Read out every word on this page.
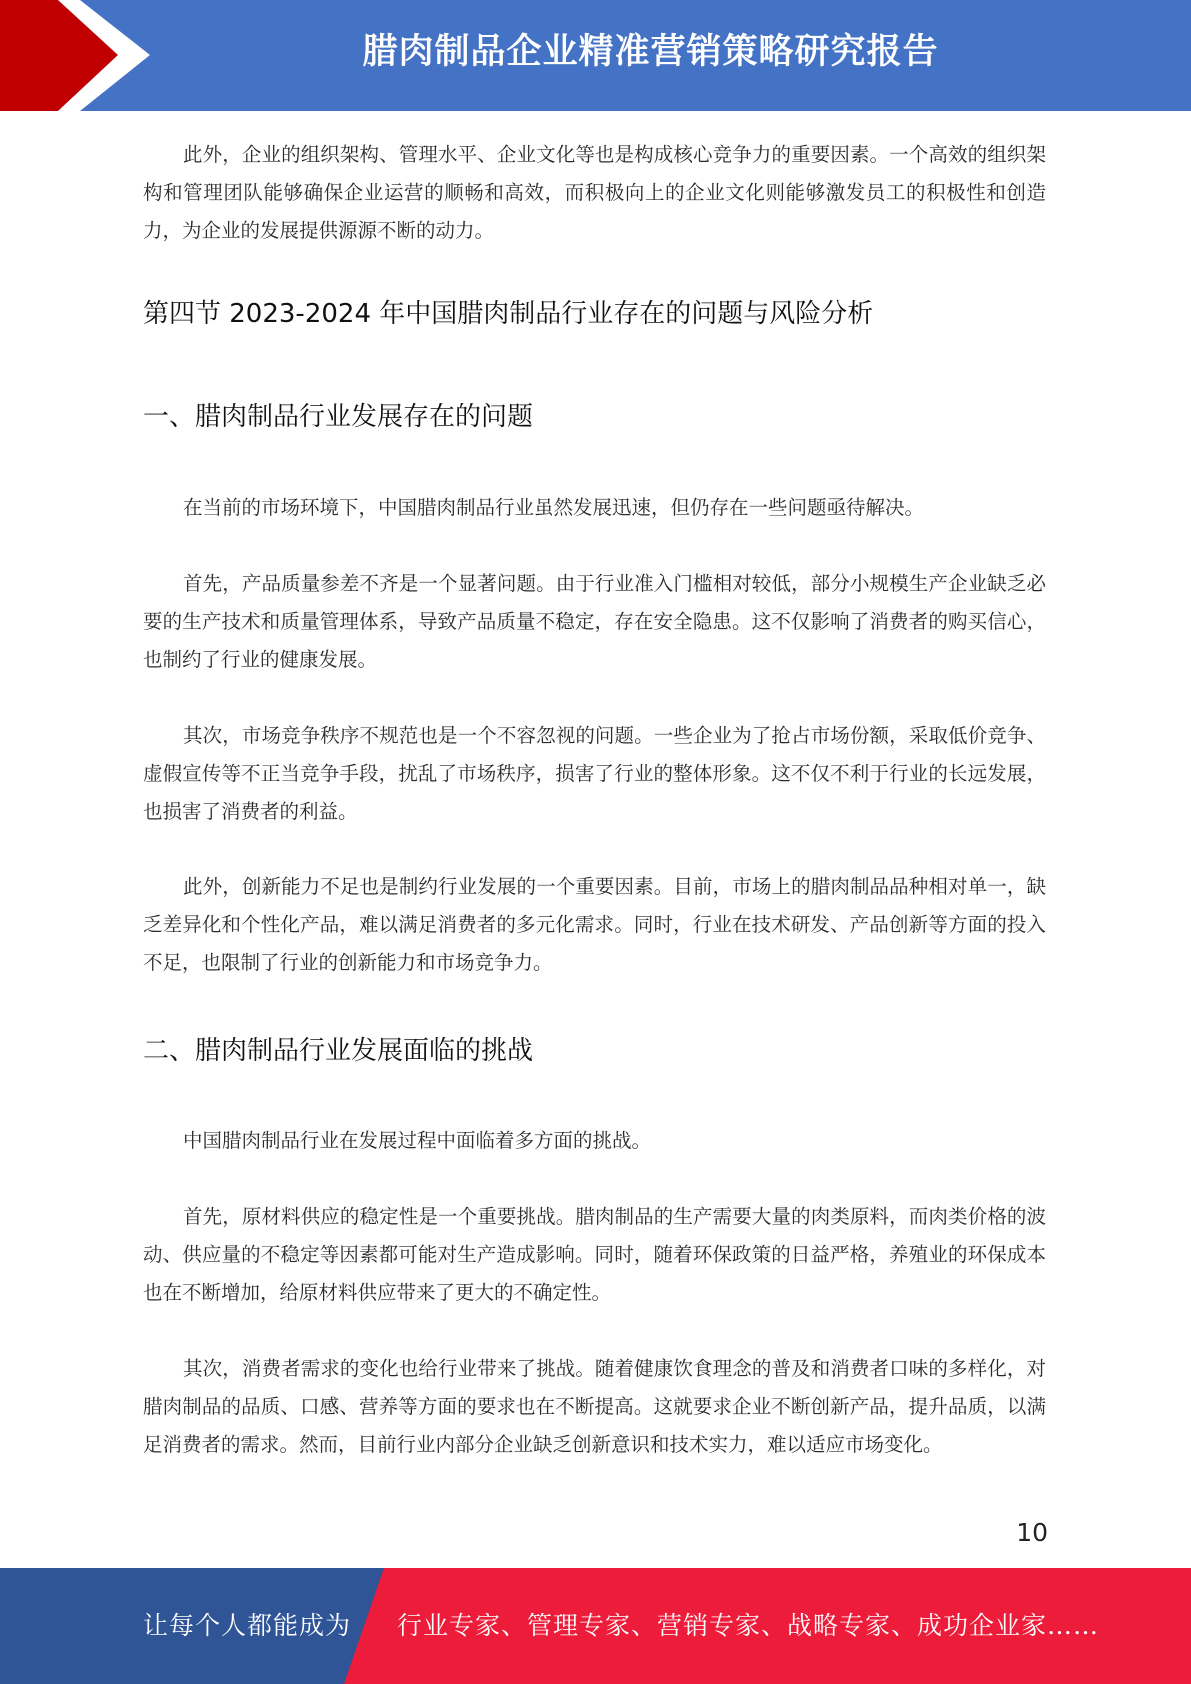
腊肉制品企业精准营销策略研究报告

此外，企业的组织架构、管理水平、企业文化等也是构成核心竞争力的重要因素。一个高效的组织架构和管理团队能够确保企业运营的顺畅和高效，而积极向上的企业文化则能够激发员工的积极性和创造力，为企业的发展提供源源不断的动力。

第四节 2023-2024 年中国腊肉制品行业存在的问题与风险分析
一、腊肉制品行业发展存在的问题

在当前的市场环境下，中国腊肉制品行业虽然发展迅速，但仍存在一些问题亟待解决。

首先，产品质量参差不齐是一个显著问题。由于行业准入门槛相对较低，部分小规模生产企业缺乏必要的生产技术和质量管理体系，导致产品质量不稳定，存在安全隐患。这不仅影响了消费者的购买信心，也制约了行业的健康发展。

其次，市场竞争秩序不规范也是一个不容忽视的问题。一些企业为了抢占市场份额，采取低价竞争、虚假宣传等不正当竞争手段，扰乱了市场秩序，损害了行业的整体形象。这不仅不利于行业的长远发展，也损害了消费者的利益。

此外，创新能力不足也是制约行业发展的一个重要因素。目前，市场上的腊肉制品品种相对单一，缺乏差异化和个性化产品，难以满足消费者的多元化需求。同时，行业在技术研发、产品创新等方面的投入不足，也限制了行业的创新能力和市场竞争力。

二、腊肉制品行业发展面临的挑战

中国腊肉制品行业在发展过程中面临着多方面的挑战。

首先，原材料供应的稳定性是一个重要挑战。腊肉制品的生产需要大量的肉类原料，而肉类价格的波动、供应量的不稳定等因素都可能对生产造成影响。同时，随着环保政策的日益严格，养殖业的环保成本也在不断增加，给原材料供应带来了更大的不确定性。

其次，消费者需求的变化也给行业带来了挑战。随着健康饮食理念的普及和消费者口味的多样化，对腊肉制品的品质、口感、营养等方面的要求也在不断提高。这就要求企业不断创新产品，提升品质，以满足消费者的需求。然而，目前行业内部分企业缺乏创新意识和技术实力，难以适应市场变化。

10
让每个人都能成为 行业专家、管理专家、营销专家、战略专家、成功企业家……
